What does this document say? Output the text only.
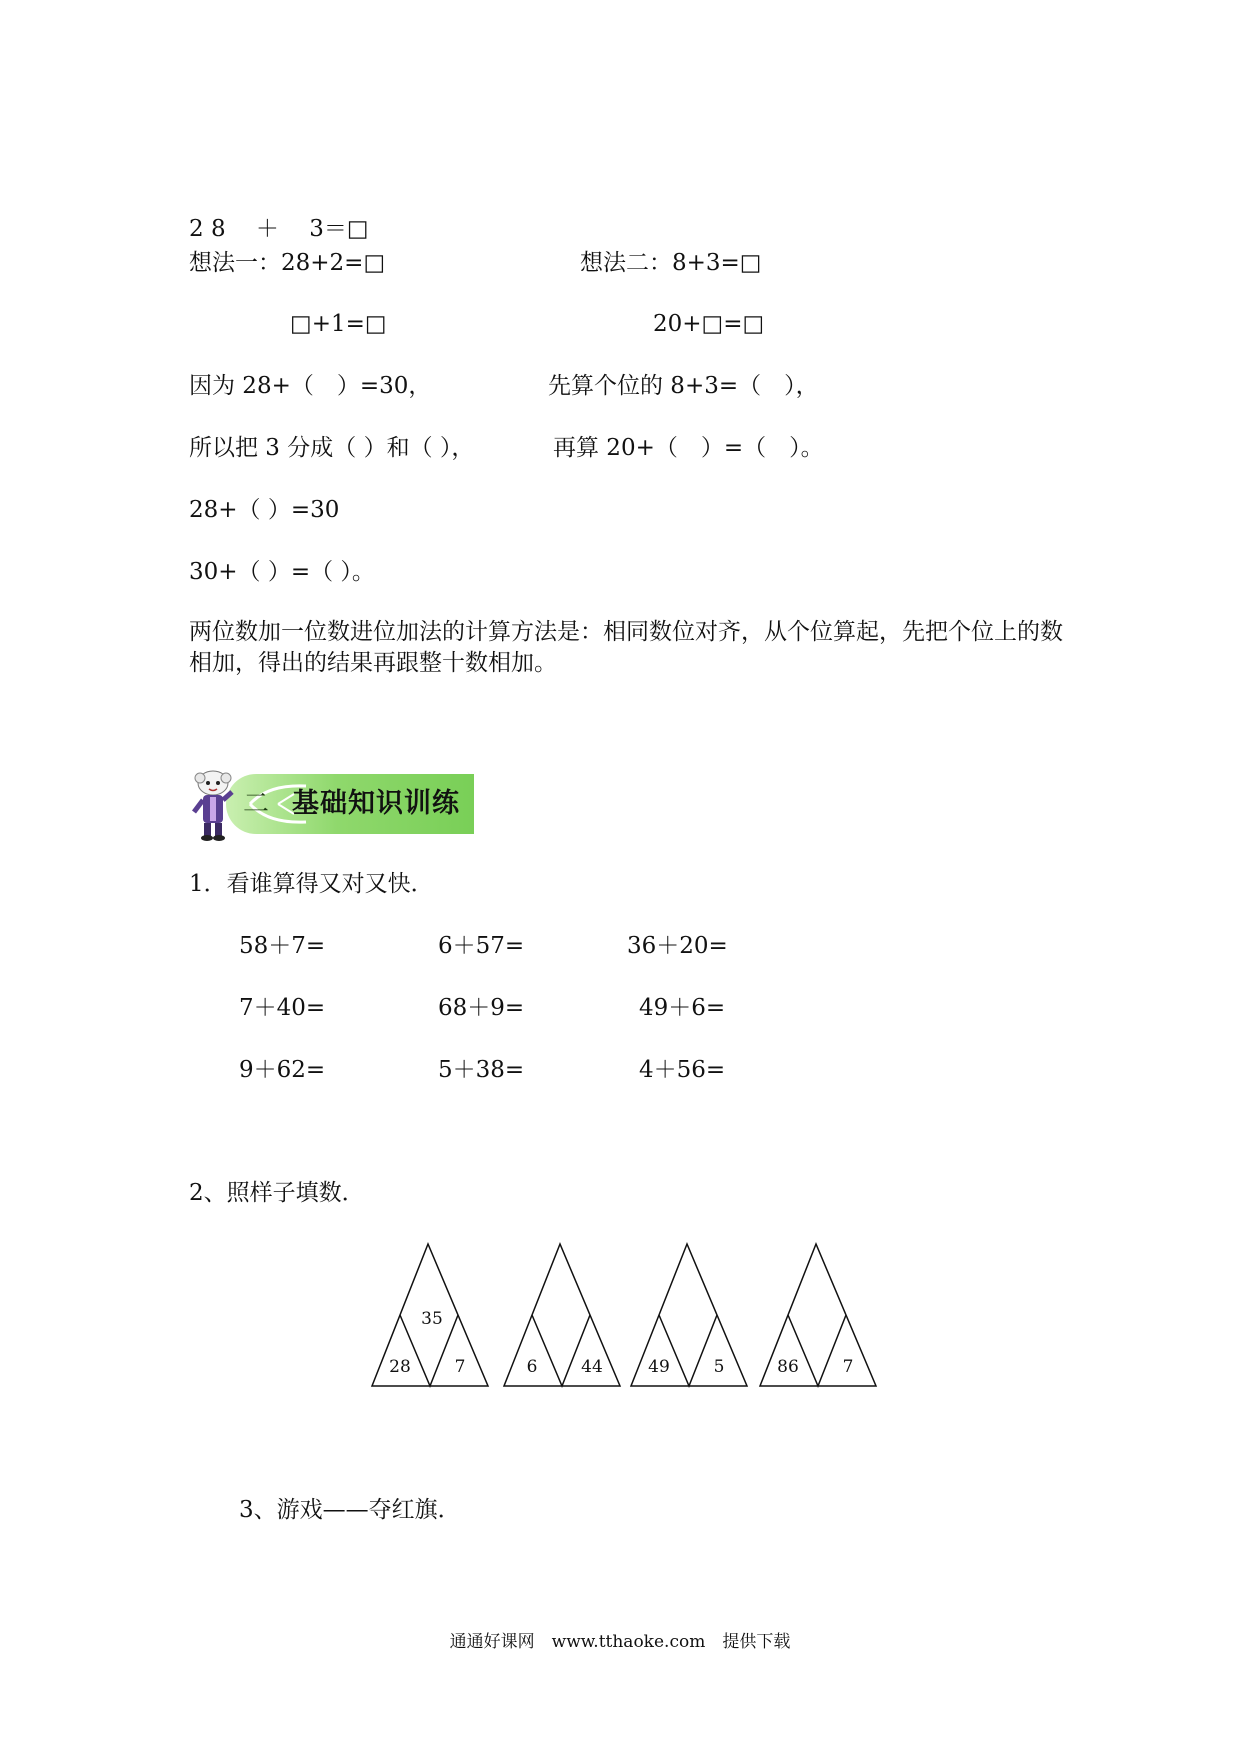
2 8　 ＋　 3＝□
想法一：28+2=□	想法二：8+3=□
□+1=□	20+□=□
因为 28+（　）=30，	先算个位的 8+3=（　），
所以把 3 分成（ ）和（ ），	再算 20+（　）=（　）。
28+（ ）=30
30+（ ）=（ ）。
两位数加一位数进位加法的计算方法是：相同数位对齐，从个位算起，先把个位上的数相加，得出的结果再跟整十数相加。
二 基础知识训练
1．看谁算得又对又快．
58＋7=	6＋57=	36＋20=
7＋40=	68＋9=	49＋6=
9＋62=	5＋38=	4＋56=
2、照样子填数．
35
28	7	6	44	49	5	86	7
3、游戏——夺红旗．
通通好课网　www.tthaoke.com　提供下载
